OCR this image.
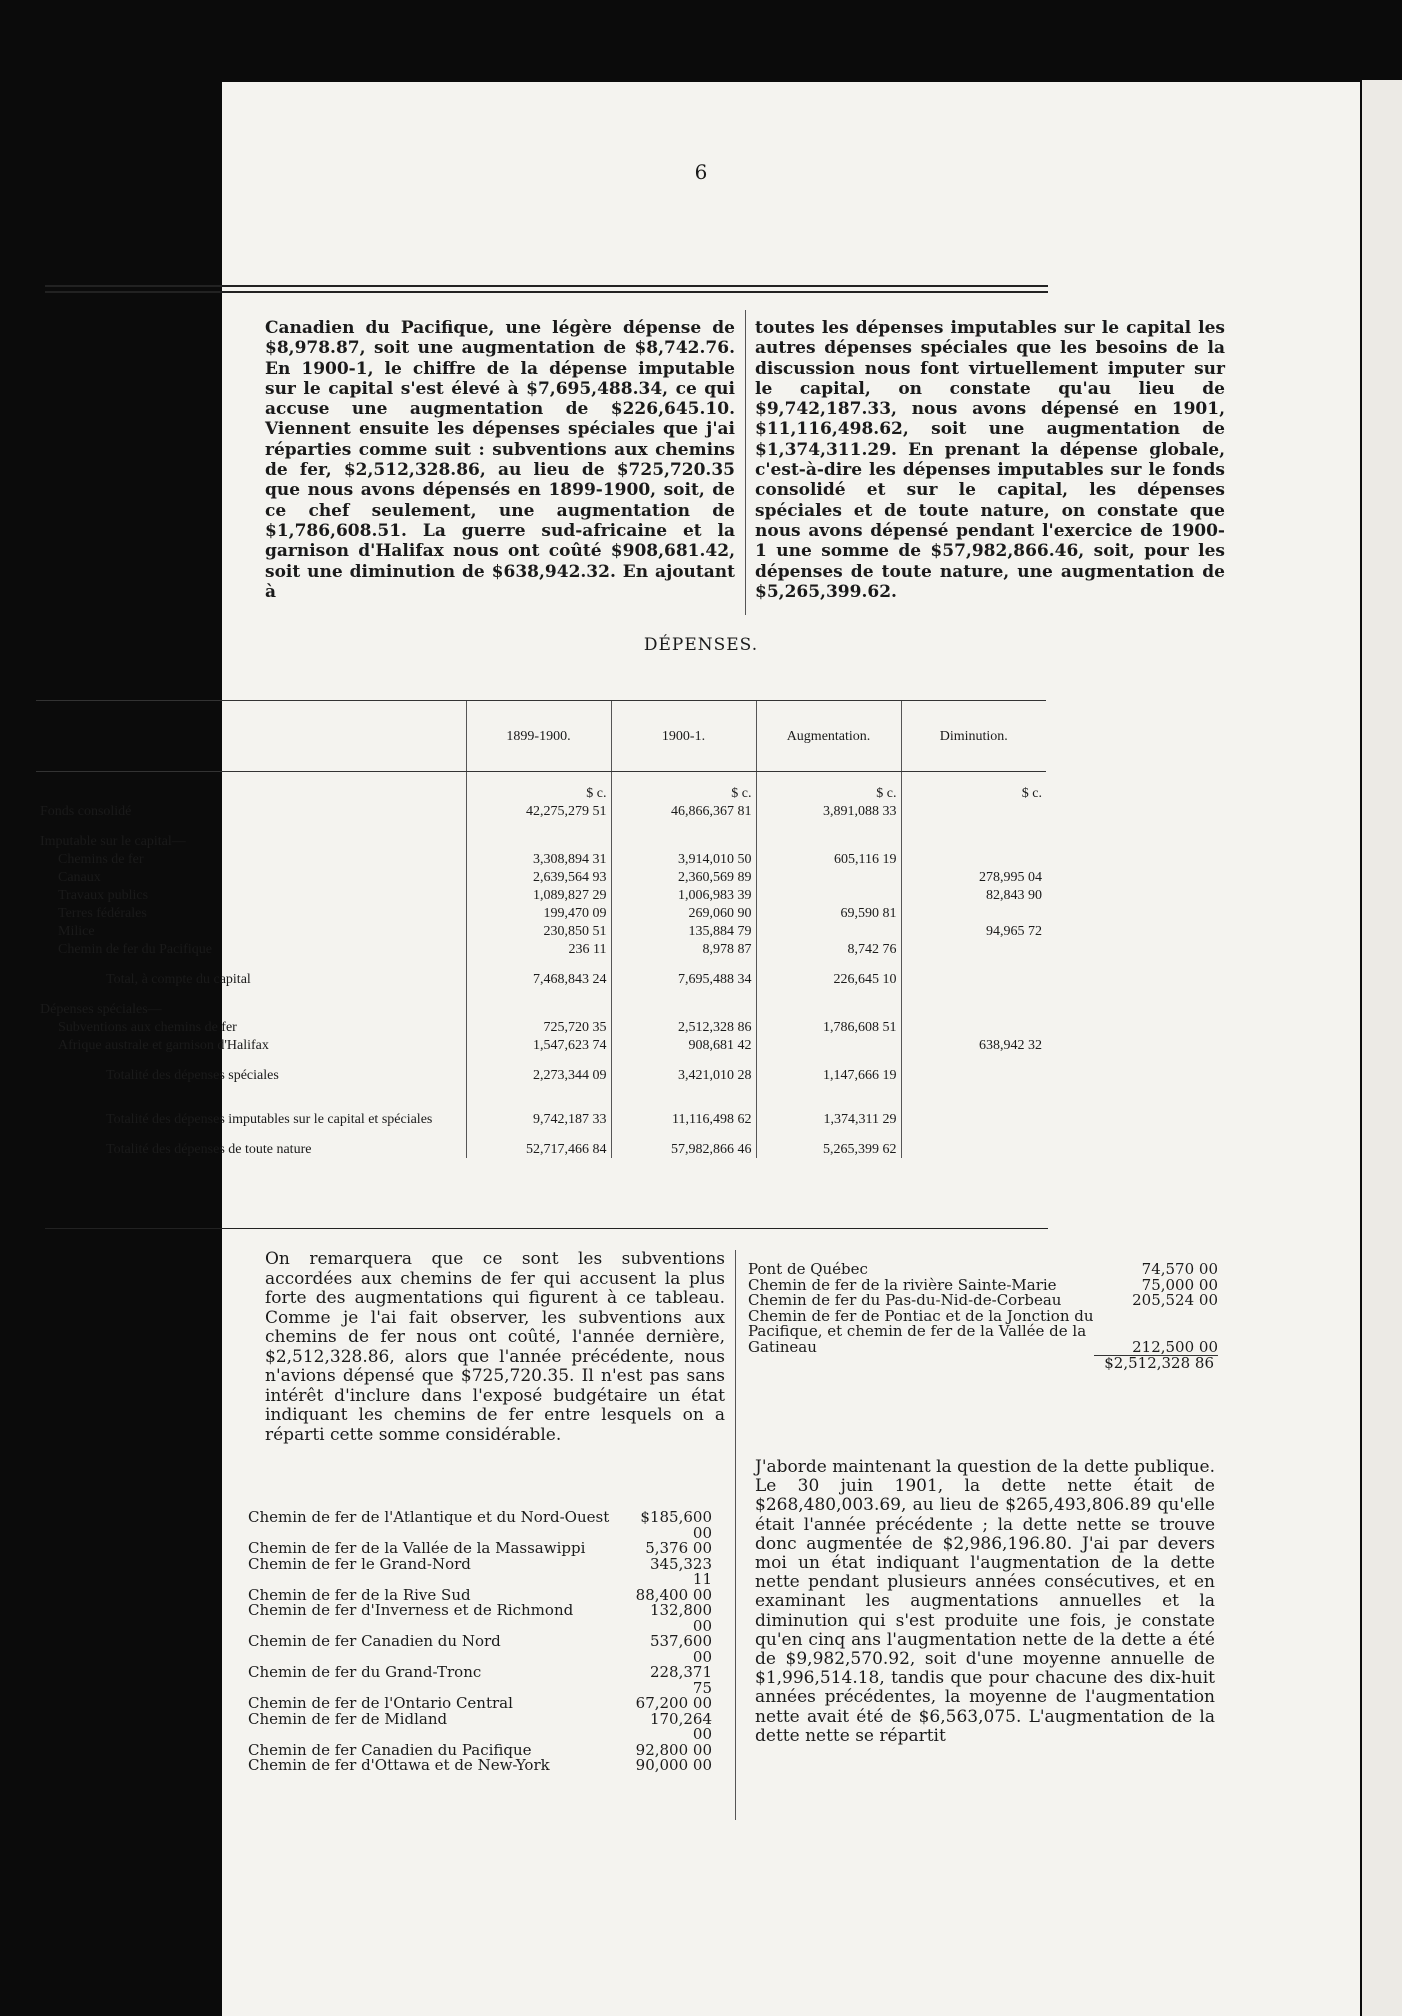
6

Canadien du Pacifique, une légère dépense de $8,978.87, soit une augmentation de $8,742.76. En 1900-1, le chiffre de la dépense imputable sur le capital s'est élevé à $7,695,488.34, ce qui accuse une augmentation de $226,645.10. Viennent ensuite les dépenses spéciales que j'ai réparties comme suit : subventions aux chemins de fer, $2,512,328.86, au lieu de $725,720.35 que nous avons dépensés en 1899-1900, soit, de ce chef seulement, une augmentation de $1,786,608.51. La guerre sud-africaine et la garnison d'Halifax nous ont coûté $908,681.42, soit une diminution de $638,942.32. En ajoutant à

toutes les dépenses imputables sur le capital les autres dépenses spéciales que les besoins de la discussion nous font virtuellement imputer sur le capital, on constate qu'au lieu de $9,742,187.33, nous avons dépensé en 1901, $11,116,498.62, soit une augmentation de $1,374,311.29. En prenant la dépense globale, c'est-à-dire les dépenses imputables sur le fonds consolidé et sur le capital, les dépenses spéciales et de toute nature, on constate que nous avons dépensé pendant l'exercice de 1900-1 une somme de $57,982,866.46, soit, pour les dépenses de toute nature, une augmentation de $5,265,399.62.

DÉPENSES.
	1899-1900.	1900-1.	Augmentation.	Diminution.

	$ c.	$ c.	$ c.	$ c.
Fonds consolidé	42,275,279 51	46,866,367 81	3,891,088 33	

Imputable sur le capital—				
Chemins de fer	3,308,894 31	3,914,010 50	605,116 19	
Canaux	2,639,564 93	2,360,569 89		278,995 04
Travaux publics	1,089,827 29	1,006,983 39		82,843 90
Terres fédérales	199,470 09	269,060 90	69,590 81	
Milice	230,850 51	135,884 79		94,965 72
Chemin de fer du Pacifique	236 11	8,978 87	8,742 76	
Total, à compte du capital	7,468,843 24	7,695,488 34	226,645 10	

Dépenses spéciales—				
Subventions aux chemins de fer	725,720 35	2,512,328 86	1,786,608 51	
Afrique australe et garnison d'Halifax	1,547,623 74	908,681 42		638,942 32
Totalité des dépenses spéciales	2,273,344 09	3,421,010 28	1,147,666 19	
Totalité des dépenses imputables sur le capital et spéciales	9,742,187 33	11,116,498 62	1,374,311 29	
Totalité des dépenses de toute nature	52,717,466 84	57,982,866 46	5,265,399 62	

On remarquera que ce sont les subventions accordées aux chemins de fer qui accusent la plus forte des augmentations qui figurent à ce tableau. Comme je l'ai fait observer, les subventions aux chemins de fer nous ont coûté, l'année dernière, $2,512,328.86, alors que l'année précédente, nous n'avions dépensé que $725,720.35. Il n'est pas sans intérêt d'inclure dans l'exposé budgétaire un état indiquant les chemins de fer entre lesquels on a réparti cette somme considérable.

Chemin de fer de l'Atlantique et du Nord-Ouest	$185,600 00
Chemin de fer de la Vallée de la Massawippi	5,376 00
Chemin de fer le Grand-Nord	345,323 11
Chemin de fer de la Rive Sud	88,400 00
Chemin de fer d'Inverness et de Richmond	132,800 00
Chemin de fer Canadien du Nord	537,600 00
Chemin de fer du Grand-Tronc	228,371 75
Chemin de fer de l'Ontario Central	67,200 00
Chemin de fer de Midland	170,264 00
Chemin de fer Canadien du Pacifique	92,800 00
Chemin de fer d'Ottawa et de New-York	90,000 00
Pont de Québec	74,570 00
Chemin de fer de la rivière Sainte-Marie	75,000 00
Chemin de fer du Pas-du-Nid-de-Corbeau	205,524 00
Chemin de fer de Pontiac et de la Jonction du Pacifique, et chemin de fer de la Vallée de la Gatineau	212,500 00
$2,512,328 86

J'aborde maintenant la question de la dette publique. Le 30 juin 1901, la dette nette était de $268,480,003.69, au lieu de $265,493,806.89 qu'elle était l'année précédente ; la dette nette se trouve donc augmentée de $2,986,196.80. J'ai par devers moi un état indiquant l'augmentation de la dette nette pendant plusieurs années consécutives, et en examinant les augmentations annuelles et la diminution qui s'est produite une fois, je constate qu'en cinq ans l'augmentation nette de la dette a été de $9,982,570.92, soit d'une moyenne annuelle de $1,996,514.18, tandis que pour chacune des dix-huit années précédentes, la moyenne de l'augmentation nette avait été de $6,563,075. L'augmentation de la dette nette se répartit
